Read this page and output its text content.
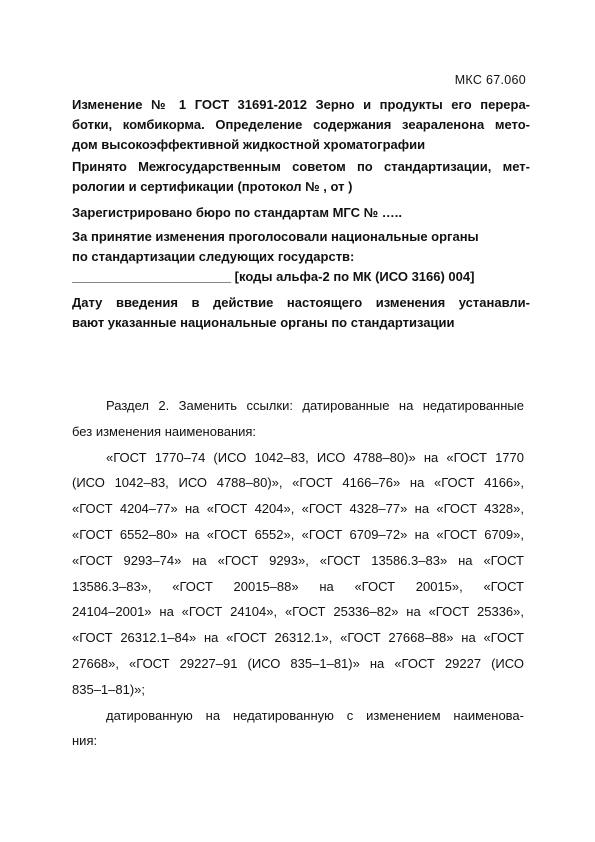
МКС 67.060
Изменение № 1 ГОСТ 31691-2012 Зерно и продукты его перера-
ботки, комбикорма. Определение содержания зеараленона мето-
дом высокоэффективной жидкостной хроматографии
Принято Межгосударственным советом по стандартизации, мет-
рологии и сертификации (протокол № , от )
Зарегистрировано бюро по стандартам МГС № …..
За принятие изменения проголосовали национальные органы
по стандартизации следующих государств:
______________________ [коды альфа-2 по МК (ИСО 3166) 004]
Дату введения в действие настоящего изменения устанавли-
вают указанные национальные органы по стандартизации
Раздел 2. Заменить ссылки: датированные на недатированные
без изменения наименования:
«ГОСТ 1770–74 (ИСО 1042–83, ИСО 4788–80)» на «ГОСТ 1770
(ИСО 1042–83, ИСО 4788–80)», «ГОСТ 4166–76» на «ГОСТ 4166»,
«ГОСТ 4204–77» на «ГОСТ 4204», «ГОСТ 4328–77» на «ГОСТ 4328»,
«ГОСТ 6552–80» на «ГОСТ 6552», «ГОСТ 6709–72» на «ГОСТ 6709»,
«ГОСТ 9293–74» на «ГОСТ 9293», «ГОСТ 13586.3–83» на «ГОСТ
13586.3–83», «ГОСТ 20015–88» на «ГОСТ 20015», «ГОСТ
24104–2001» на «ГОСТ 24104», «ГОСТ 25336–82» на «ГОСТ 25336»,
«ГОСТ 26312.1–84» на «ГОСТ 26312.1», «ГОСТ 27668–88» на «ГОСТ
27668», «ГОСТ 29227–91 (ИСО 835–1–81)» на «ГОСТ 29227 (ИСО
835–1–81)»;
датированную на недатированную с изменением наименова-
ния:
